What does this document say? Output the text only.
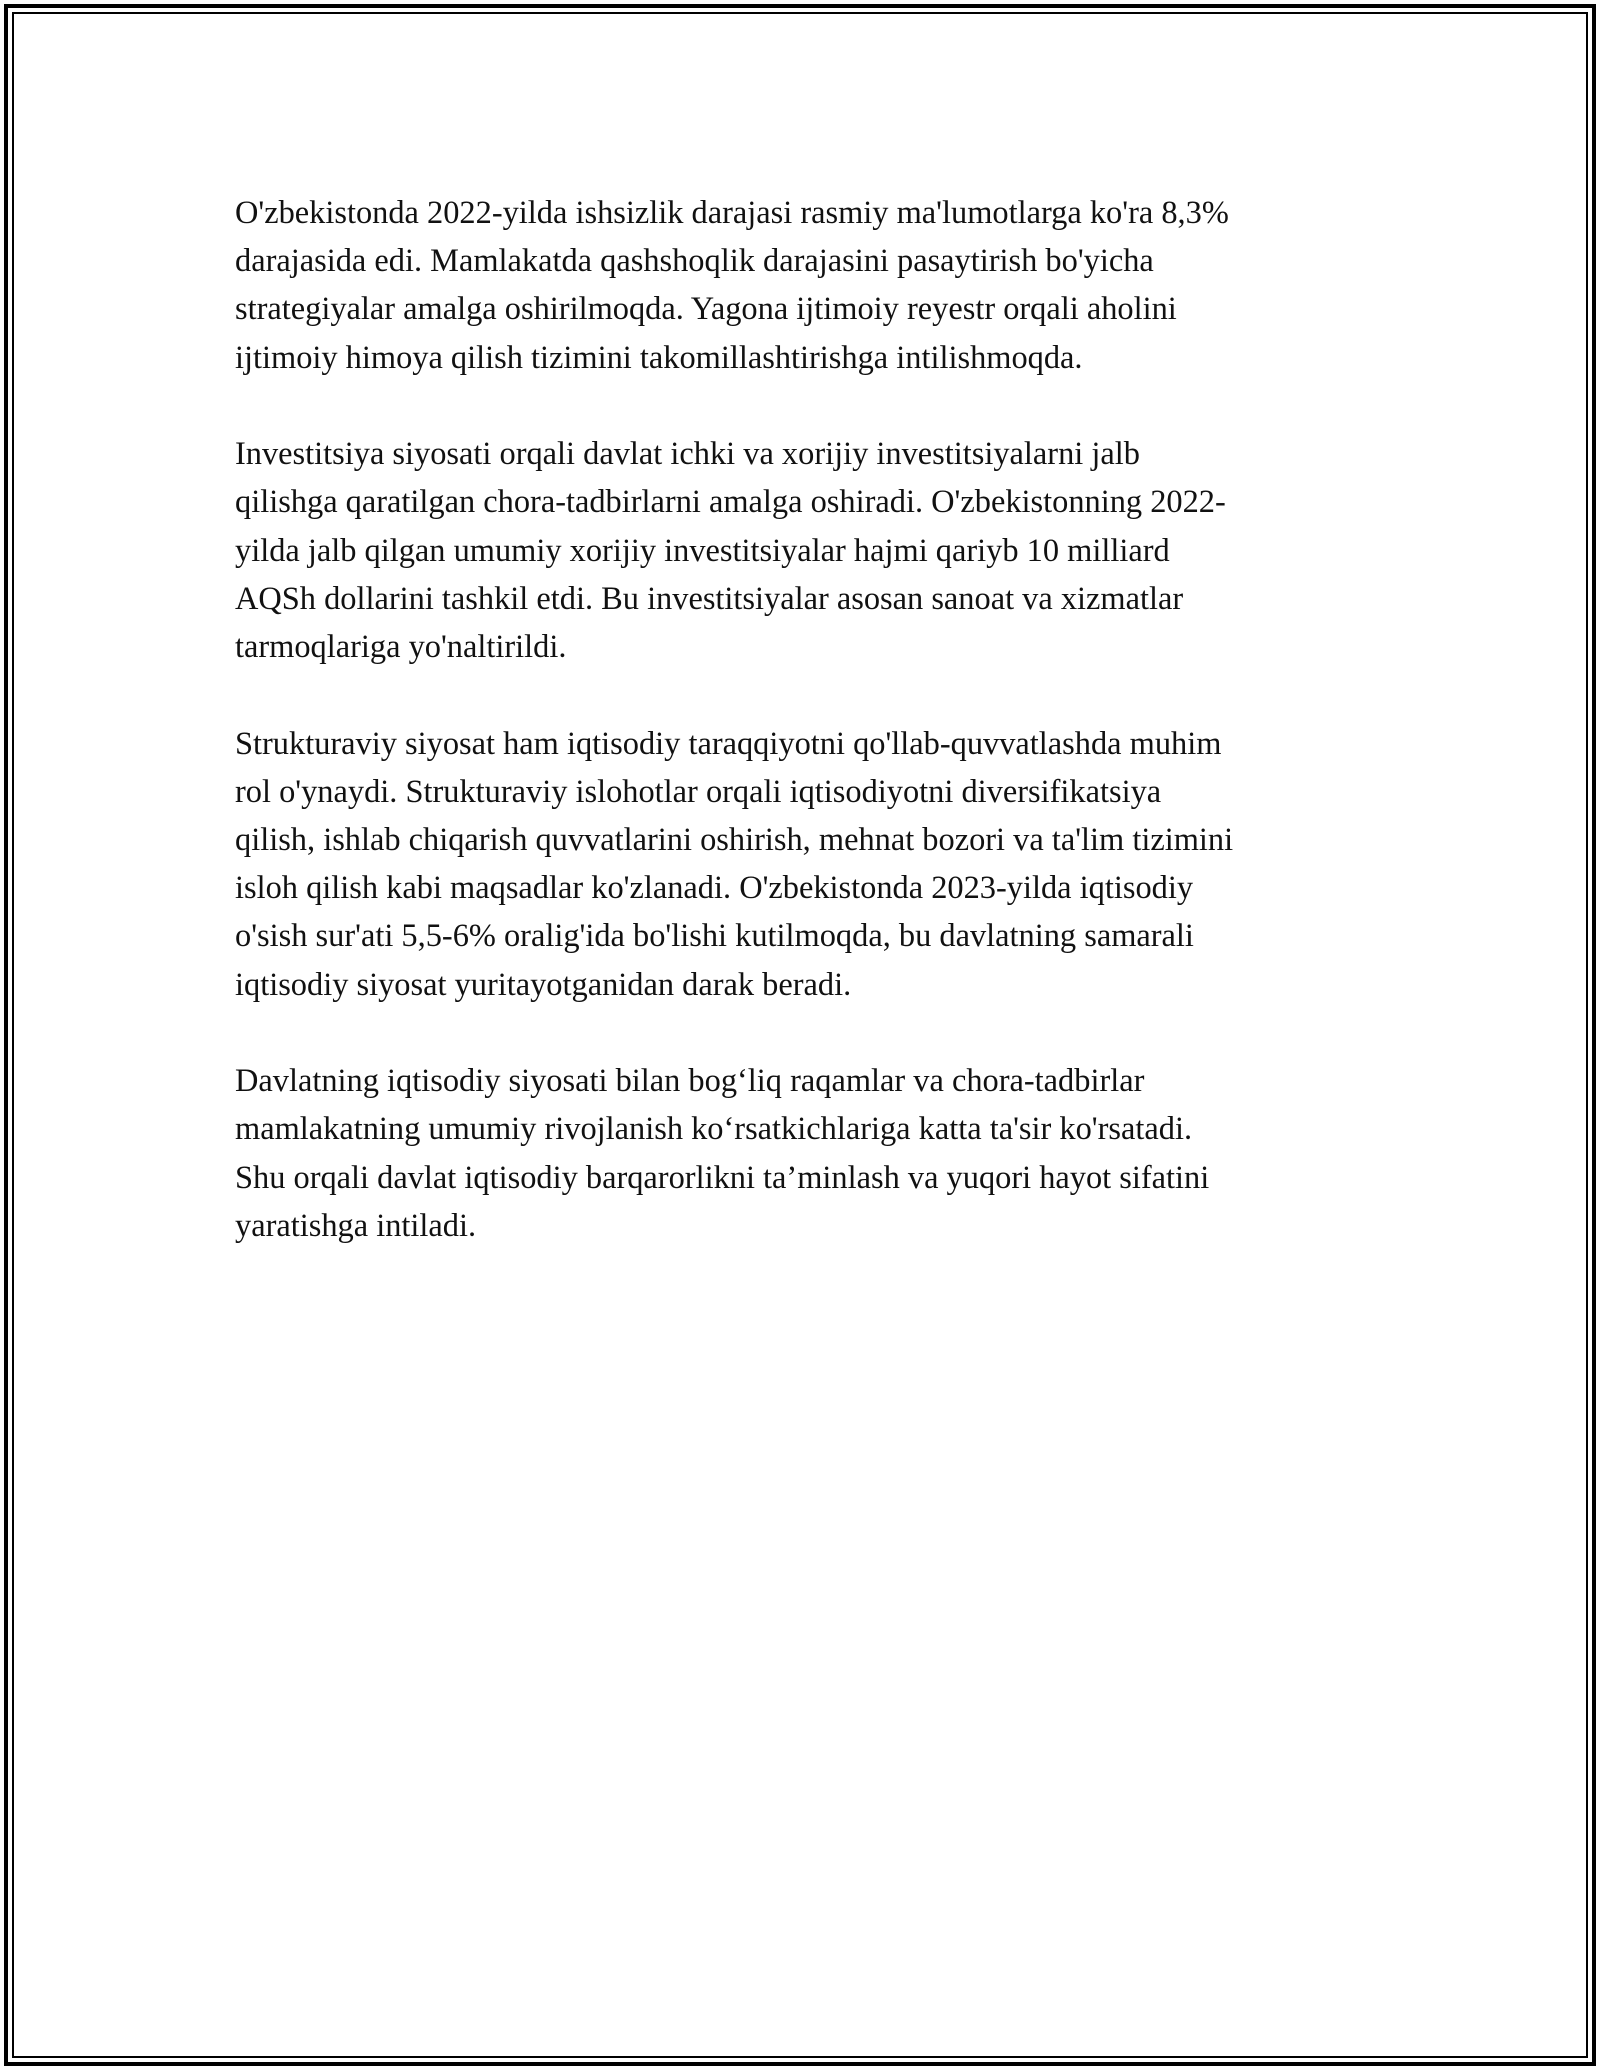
O'zbekistonda 2022-yilda ishsizlik darajasi rasmiy ma'lumotlarga ko'ra 8,3%
darajasida edi. Mamlakatda qashshoqlik darajasini pasaytirish bo'yicha
strategiyalar amalga oshirilmoqda. Yagona ijtimoiy reyestr orqali aholini
ijtimoiy himoya qilish tizimini takomillashtirishga intilishmoqda.

Investitsiya siyosati orqali davlat ichki va xorijiy investitsiyalarni jalb
qilishga qaratilgan chora-tadbirlarni amalga oshiradi. O'zbekistonning 2022-
yilda jalb qilgan umumiy xorijiy investitsiyalar hajmi qariyb 10 milliard
AQSh dollarini tashkil etdi. Bu investitsiyalar asosan sanoat va xizmatlar
tarmoqlariga yo'naltirildi.

Strukturaviy siyosat ham iqtisodiy taraqqiyotni qo'llab-quvvatlashda muhim
rol o'ynaydi. Strukturaviy islohotlar orqali iqtisodiyotni diversifikatsiya
qilish, ishlab chiqarish quvvatlarini oshirish, mehnat bozori va ta'lim tizimini
isloh qilish kabi maqsadlar ko'zlanadi. O'zbekistonda 2023-yilda iqtisodiy
o'sish sur'ati 5,5-6% oralig'ida bo'lishi kutilmoqda, bu davlatning samarali
iqtisodiy siyosat yuritayotganidan darak beradi.

Davlatning iqtisodiy siyosati bilan bog‘liq raqamlar va chora-tadbirlar
mamlakatning umumiy rivojlanish ko‘rsatkichlariga katta ta'sir ko'rsatadi.
Shu orqali davlat iqtisodiy barqarorlikni ta’minlash va yuqori hayot sifatini
yaratishga intiladi.
